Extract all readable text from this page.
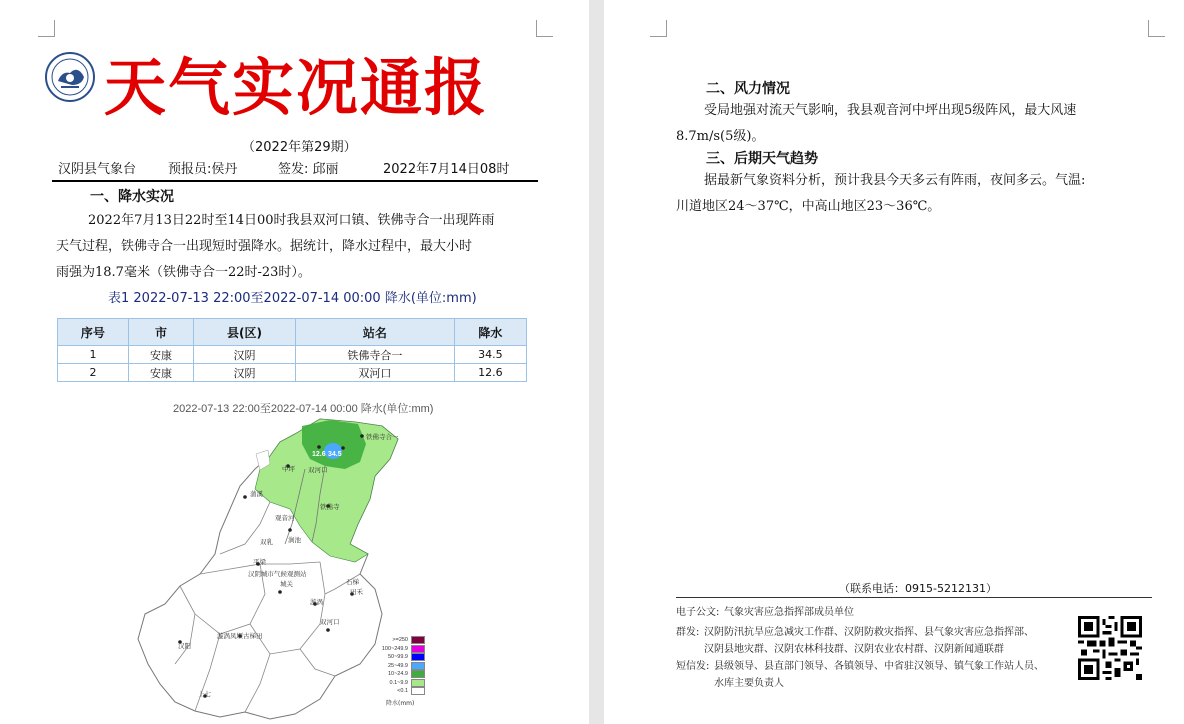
天气实况通报
（2022年第29期）
汉阴县气象台 预报员:侯丹	签发: 邱丽	2022年7月14日08时
一、降水实况
2022年7月13日22时至14日00时我县双河口镇、铁佛寺合一出现阵雨
天气过程，铁佛寺合一出现短时强降水。据统计，降水过程中，最大小时
雨强为18.7毫米（铁佛寺合一22时-23时）。
表1 2022-07-13 22:00至2022-07-14 00:00 降水(单位:mm)
序号	市	县(区)	站名	降水
1	安康	汉阴	铁佛寺合一	34.5
2	安康	汉阴	双河口	12.6
2022-07-13 22:00至2022-07-14 00:00 降水(单位:mm)
铁佛寺合一
双河口
中坪
蒲溪
观音河
双乳
城关
涧池
汉阳
平梁
漩涡
上七
铁佛寺
汉阴城市气候观测站
漩涡凤堰古梯田
石梯
双河口
田禾
12.6 34.5
>=250
100~249.9
50~99.9
25~49.9
10~24.9
0.1~9.9
<0.1
降水(mm)
二、风力情况
受局地强对流天气影响，我县观音河中坪出现5级阵风，最大风速
8.7m/s(5级)。
三、后期天气趋势
据最新气象资料分析，预计我县今天多云有阵雨，夜间多云。气温:
川道地区24～37℃，中高山地区23～36℃。
（联系电话：0915-5212131）
电子公文: 气象灾害应急指挥部成员单位
群发: 汉阴防汛抗旱应急减灾工作群、汉阴防救灾指挥、县气象灾害应急指挥部、
汉阴县地灾群、汉阴农林科技群、汉阴农业农村群、汉阴新闻通联群
短信发: 县级领导、县直部门领导、各镇领导、中省驻汉领导、镇气象工作站人员、
水库主要负责人
